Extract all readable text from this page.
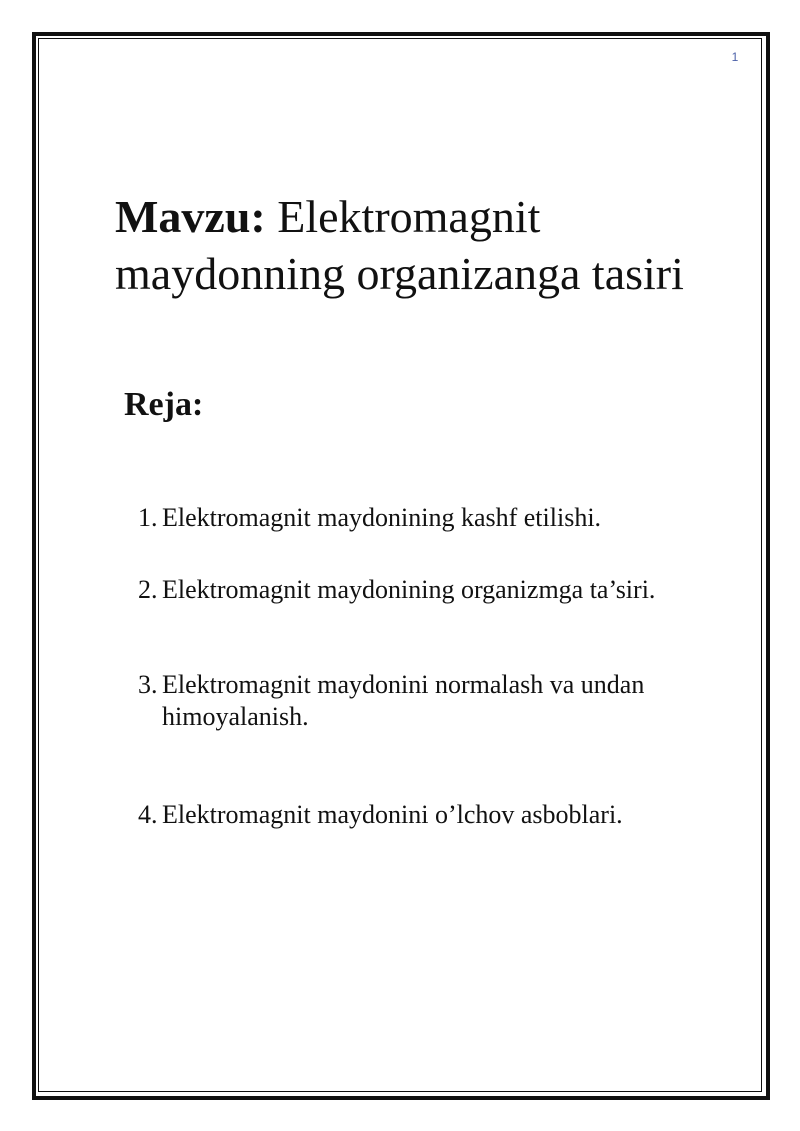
1
Mavzu: Elektromagnit maydonning organizanga tasiri
Reja:
1. Elektromagnit maydonining kashf etilishi.
2. Elektromagnit maydonining organizmga ta’siri.
3. Elektromagnit maydonini normalash va undan himoyalanish.
4. Elektromagnit maydonini o’lchov asboblari.
